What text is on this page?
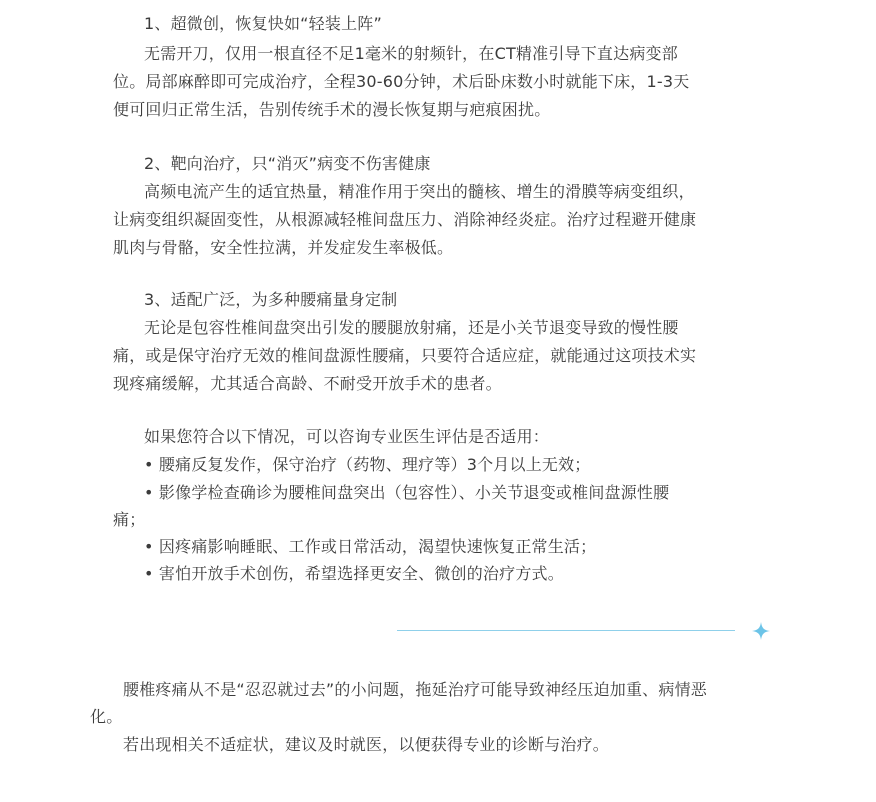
1、超微创，恢复快如“轻装上阵”
无需开刀，仅用一根直径不足1毫米的射频针，在CT精准引导下直达病变部
位。局部麻醉即可完成治疗，全程30-60分钟，术后卧床数小时就能下床，1-3天
便可回归正常生活，告别传统手术的漫长恢复期与疤痕困扰。
2、靶向治疗，只“消灭”病变不伤害健康
高频电流产生的适宜热量，精准作用于突出的髓核、增生的滑膜等病变组织，
让病变组织凝固变性，从根源减轻椎间盘压力、消除神经炎症。治疗过程避开健康
肌肉与骨骼，安全性拉满，并发症发生率极低。
3、适配广泛，为多种腰痛量身定制
无论是包容性椎间盘突出引发的腰腿放射痛，还是小关节退变导致的慢性腰
痛，或是保守治疗无效的椎间盘源性腰痛，只要符合适应症，就能通过这项技术实
现疼痛缓解，尤其适合高龄、不耐受开放手术的患者。
如果您符合以下情况，可以咨询专业医生评估是否适用：
• 腰痛反复发作，保守治疗（药物、理疗等）3个月以上无效；
• 影像学检查确诊为腰椎间盘突出（包容性）、小关节退变或椎间盘源性腰
痛；
• 因疼痛影响睡眠、工作或日常活动，渴望快速恢复正常生活；
• 害怕开放手术创伤，希望选择更安全、微创的治疗方式。
腰椎疼痛从不是“忍忍就过去”的小问题，拖延治疗可能导致神经压迫加重、病情恶
化。
若出现相关不适症状，建议及时就医，以便获得专业的诊断与治疗。
